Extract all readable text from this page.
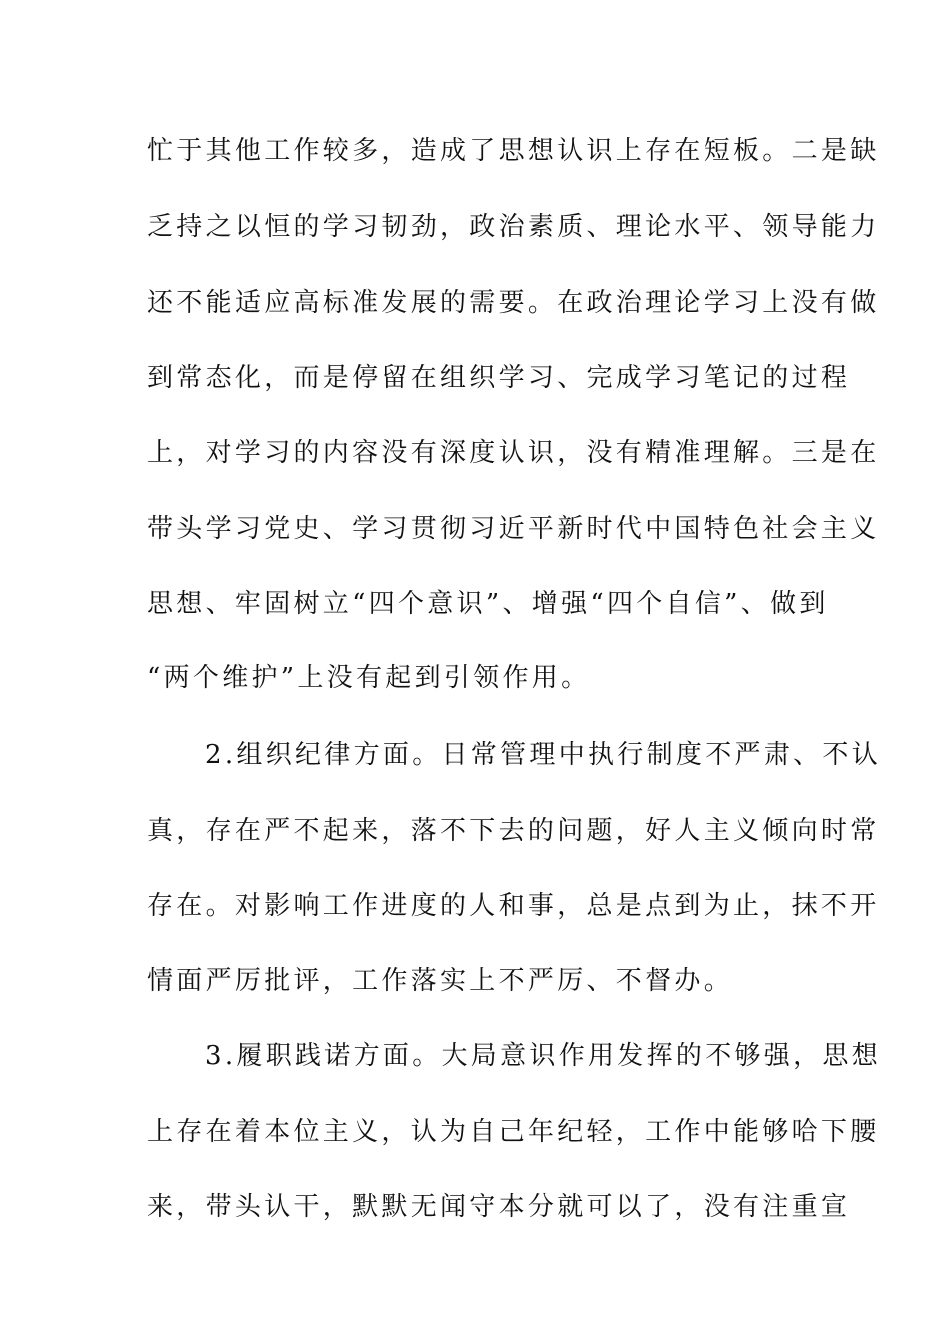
忙于其他工作较多，造成了思想认识上存在短板。二是缺
乏持之以恒的学习韧劲，政治素质、理论水平、领导能力
还不能适应高标准发展的需要。在政治理论学习上没有做
到常态化，而是停留在组织学习、完成学习笔记的过程
上，对学习的内容没有深度认识，没有精准理解。三是在
带头学习党史、学习贯彻习近平新时代中国特色社会主义
思想、牢固树立“四个意识”、增强“四个自信”、做到
“两个维护”上没有起到引领作用。
2.组织纪律方面。日常管理中执行制度不严肃、不认
真，存在严不起来，落不下去的问题，好人主义倾向时常
存在。对影响工作进度的人和事，总是点到为止，抹不开
情面严厉批评，工作落实上不严厉、不督办。
3.履职践诺方面。大局意识作用发挥的不够强，思想
上存在着本位主义，认为自己年纪轻，工作中能够哈下腰
来，带头认干，默默无闻守本分就可以了，没有注重宣
